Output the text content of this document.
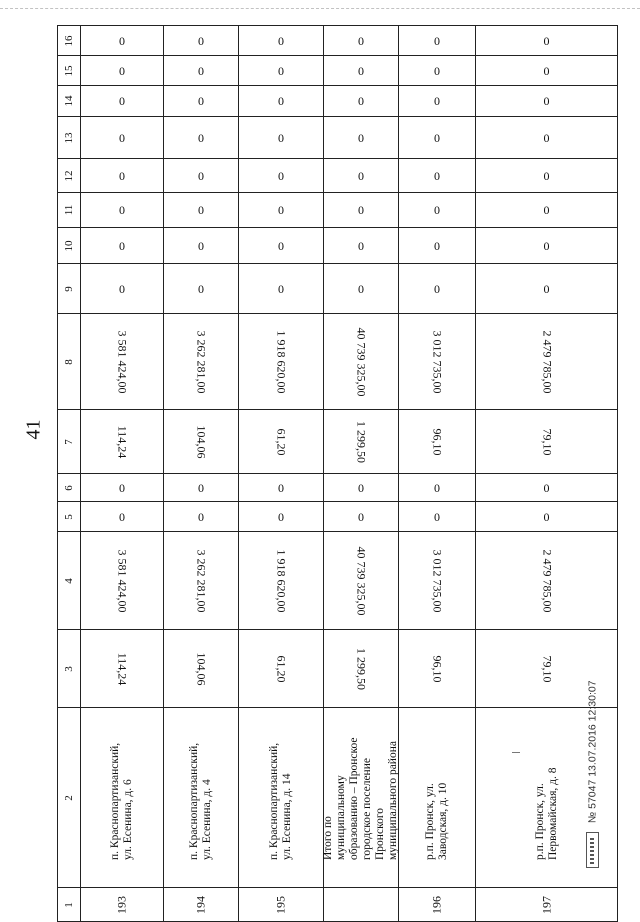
41
16	0	0	0	0	0	0

15	0	0	0	0	0	0

14	0	0	0	0	0	0

13	0	0	0	0	0	0

12	0	0	0	0	0	0

11	0	0	0	0	0	0

10	0	0	0	0	0	0

9	0	0	0	0	0	0

8	3 581 424,00	3 262 281,00	1 918 620,00	40 739 325,00	3 012 735,00	2 479 785,00

7	114,24	104,06	61,20	1 299,50	96,10	79,10

6	0	0	0	0	0	0

5	0	0	0	0	0	0

4	3 581 424,00	3 262 281,00	1 918 620,00	40 739 325,00	3 012 735,00	2 479 785,00

3	114,24	104,06	61,20	1 299,50	96,10	79,10

2	п. Краснопартизанский, ул. Есенина, д. 6	п. Краснопартизанский, ул. Есенина, д. 4	п. Краснопартизанский, ул. Есенина, д. 14	Итого по муниципальному образованию – Пронское городское поселение Пронского муниципального района	р.п. Пронск, ул. Заводская, д. 10	р.п. Пронск, ул. Первомайская, д. 8

1	193	194	195		196	197
№ 57047 13.07.2016 12:30:07
